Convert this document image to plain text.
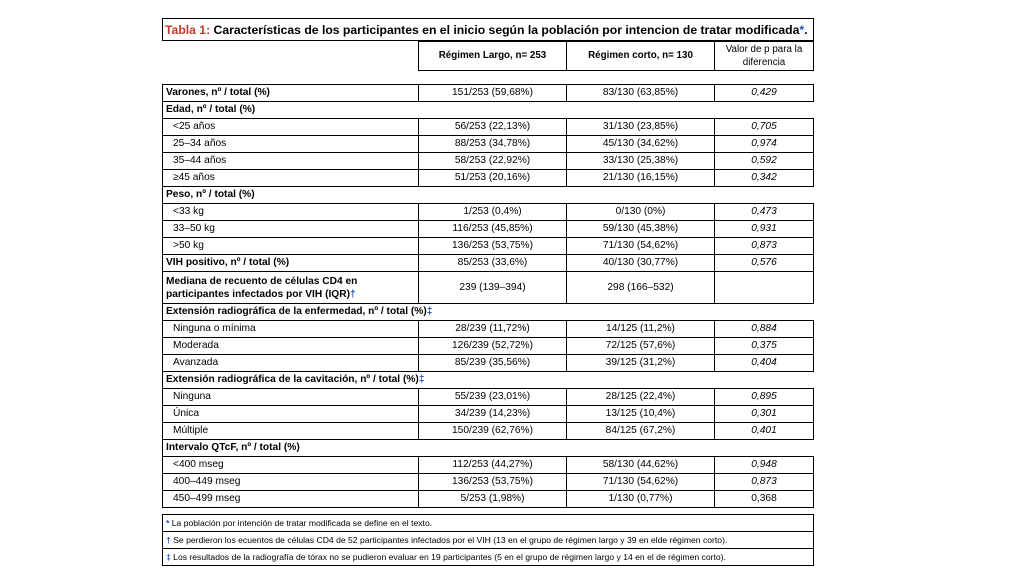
Tabla 1: Características de los participantes en el inicio según la población por intencion de tratar modificada*.			
	Régimen Largo, n= 253	Régimen corto, n= 130	Valor de p para la diferencia

Varones, nº / total (%)	151/253 (59,68%)	83/130 (63,85%)	0,429
Edad, nº / total (%)			
<25 años	56/253 (22,13%)	31/130 (23,85%)	0,705
25–34 años	88/253 (34,78%)	45/130 (34,62%)	0,974
35–44 años	58/253 (22,92%)	33/130 (25,38%)	0,592
≥45 años	51/253 (20,16%)	21/130 (16,15%)	0,342
Peso, nº / total (%)			
<33 kg	1/253 (0,4%)	0/130 (0%)	0,473
33–50 kg	116/253 (45,85%)	59/130 (45,38%)	0,931
>50 kg	136/253 (53,75%)	71/130 (54,62%)	0,873
VIH positivo, nº / total (%)	85/253 (33,6%)	40/130 (30,77%)	0,576
Mediana de recuento de células CD4 en participantes infectados por VIH (IQR)†	239 (139–394)	298 (166–532)	
Extensión radiográfica de la enfermedad, nº / total (%)‡			
Ninguna o mínima	28/239 (11,72%)	14/125 (11,2%)	0,884
Moderada	126/239 (52,72%)	72/125 (57,6%)	0,375
Avanzada	85/239 (35,56%)	39/125 (31,2%)	0,404
Extensión radiográfica de la cavitación, nº / total (%)‡			
Ninguna	55/239 (23,01%)	28/125 (22,4%)	0,895
Única	34/239 (14,23%)	13/125 (10,4%)	0,301
Múltiple	150/239 (62,76%)	84/125 (67,2%)	0,401
Intervalo QTcF, nº / total (%)			
<400 mseg	112/253 (44,27%)	58/130 (44,62%)	0,948
400–449 mseg	136/253 (53,75%)	71/130 (54,62%)	0,873
450–499 mseg	5/253 (1,98%)	1/130 (0,77%)	0,368
* La población por intención de tratar modificada se define en el texto.
† Se perdieron los ecuentos de células CD4 de 52 participantes infectados por el VIH (13 en el grupo de régimen largo y 39 en elde régimen corto).
‡ Los resultados de la radiografía de tórax no se pudieron evaluar en 19 participantes (5 en el grupo de régimen largo y 14 en el de régimen corto).
